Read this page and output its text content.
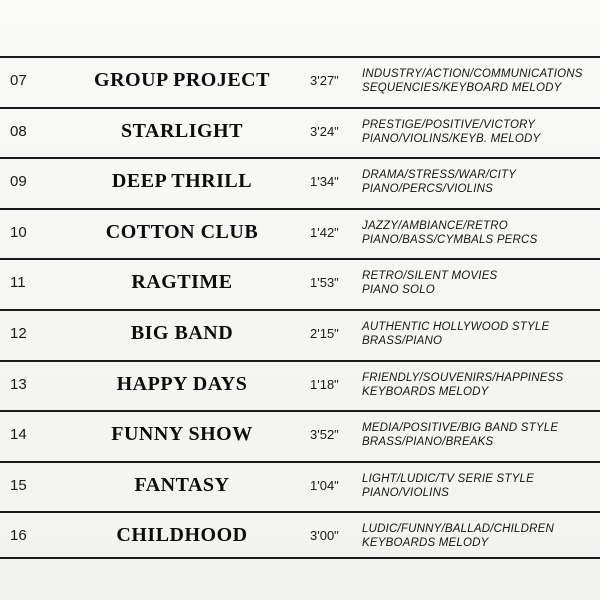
07	GROUP PROJECT	3'27" INDUSTRY/ACTION/COMMUNICATIONS
SEQUENCIES/KEYBOARD MELODY
08	STARLIGHT	3'24" PRESTIGE/POSITIVE/VICTORY
PIANO/VIOLINS/KEYB. MELODY
09	DEEP THRILL	1'34" DRAMA/STRESS/WAR/CITY
PIANO/PERCS/VIOLINS
10	COTTON CLUB	1'42" JAZZY/AMBIANCE/RETRO
PIANO/BASS/CYMBALS PERCS
11	RAGTIME	1'53" RETRO/SILENT MOVIES
PIANO SOLO
12	BIG BAND	2'15" AUTHENTIC HOLLYWOOD STYLE
BRASS/PIANO
13	HAPPY DAYS	1'18" FRIENDLY/SOUVENIRS/HAPPINESS
KEYBOARDS MELODY
14	FUNNY SHOW	3'52" MEDIA/POSITIVE/BIG BAND STYLE
BRASS/PIANO/BREAKS
15	FANTASY	1'04" LIGHT/LUDIC/TV SERIE STYLE
PIANO/VIOLINS
16	CHILDHOOD	3'00" LUDIC/FUNNY/BALLAD/CHILDREN
KEYBOARDS MELODY
